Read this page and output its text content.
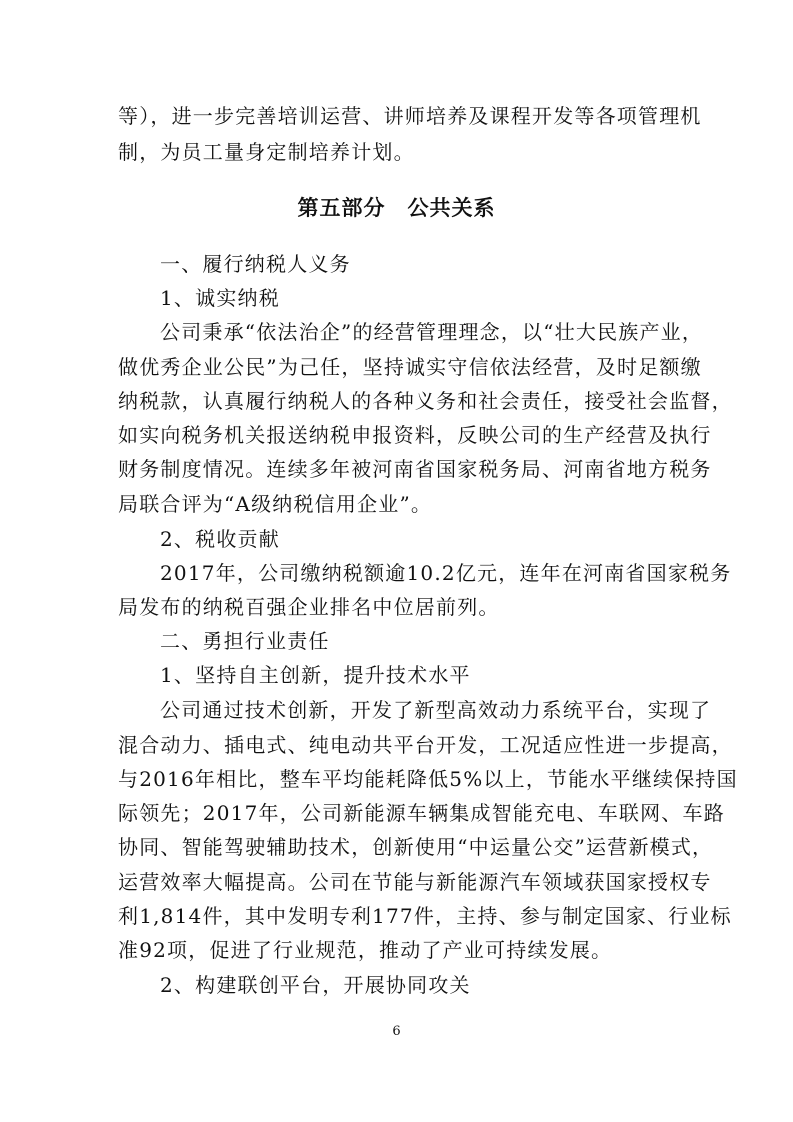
等），进一步完善培训运营、讲师培养及课程开发等各项管理机
制，为员工量身定制培养计划。
第五部分　公共关系
一、履行纳税人义务
1、诚实纳税
公司秉承“依法治企”的经营管理理念，以“壮大民族产业，
做优秀企业公民”为己任，坚持诚实守信依法经营，及时足额缴
纳税款，认真履行纳税人的各种义务和社会责任，接受社会监督，
如实向税务机关报送纳税申报资料，反映公司的生产经营及执行
财务制度情况。连续多年被河南省国家税务局、河南省地方税务
局联合评为“A级纳税信用企业”。
2、税收贡献
2017年，公司缴纳税额逾10.2亿元，连年在河南省国家税务
局发布的纳税百强企业排名中位居前列。
二、勇担行业责任
1、坚持自主创新，提升技术水平
公司通过技术创新，开发了新型高效动力系统平台，实现了
混合动力、插电式、纯电动共平台开发，工况适应性进一步提高，
与2016年相比，整车平均能耗降低5%以上，节能水平继续保持国
际领先；2017年，公司新能源车辆集成智能充电、车联网、车路
协同、智能驾驶辅助技术，创新使用“中运量公交”运营新模式，
运营效率大幅提高。公司在节能与新能源汽车领域获国家授权专
利1,814件，其中发明专利177件，主持、参与制定国家、行业标
准92项，促进了行业规范，推动了产业可持续发展。
2、构建联创平台，开展协同攻关
6
